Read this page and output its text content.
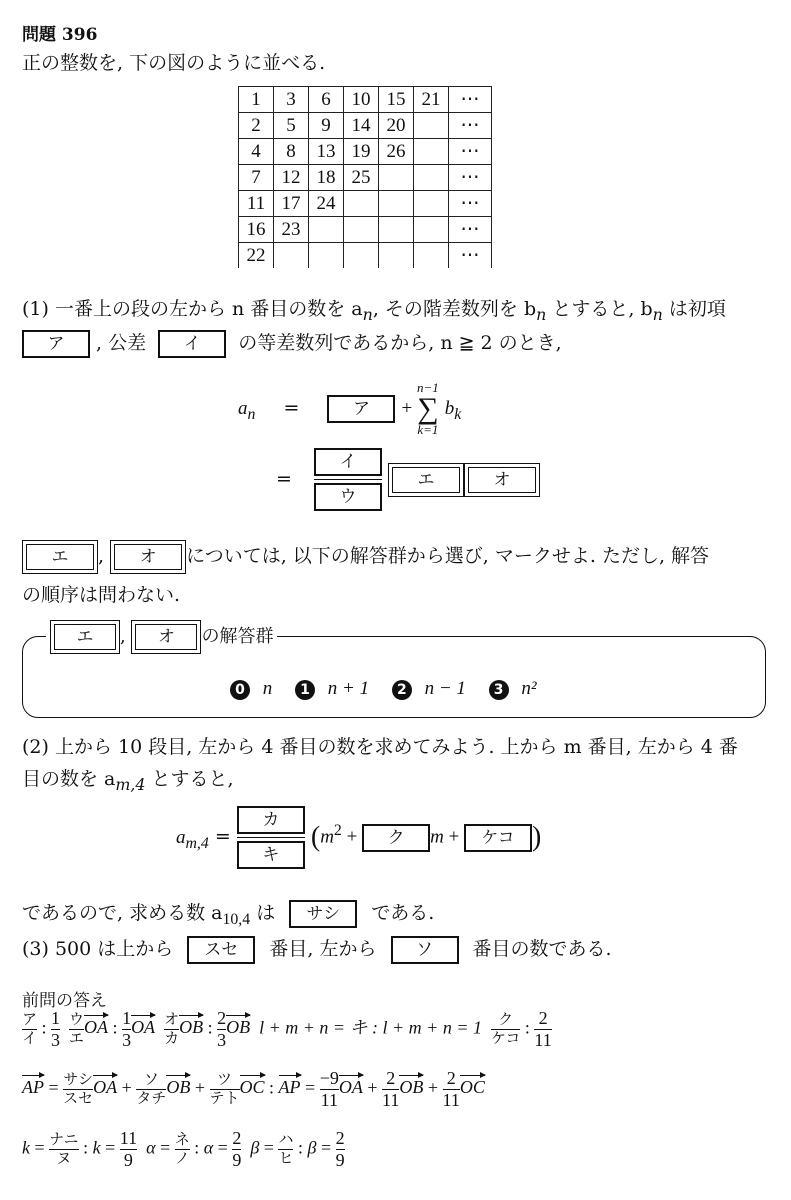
問題 396
正の整数を, 下の図のように並べる.
1	3	6	10	15	21	⋯
2	5	9	14	20		⋯
4	8	13	19	26		⋯
7	12	18	25			⋯
11	17	24				⋯
16	23					⋯
22						⋯
(1) 一番上の段の左から n 番目の数を $a_n$, その階差数列を $b_n$ とすると, $b_n$ は初項
ア , 公差 イ の等差数列であるから, n ≧ 2 のとき,
$a_n$ =	ア +
n−1
∑
k=1
$b_k$
= $\frac{\text{イ}}{\text{ウ}}$ エ	オ
エ , オ については, 以下の解答群から選び, マークせよ. ただし, 解答
の順序は問わない.
エ , オ の解答群
0 n 1 n + 1 2 n − 1 3 n²
(2) 上から 10 段目, 左から 4 番目の数を求めてみよう. 上から m 番目, 左から 4 番
目の数を $a_{m,4}$ とすると,
$a_{m,4} = \frac{\text{カ}}{\text{キ}} (m^2$ + ク m + ケコ )
であるので, 求める数 $a_{10,4}$ は サシ である.
(3) 500 は上から スセ 番目, 左から ソ 番目の数である.
前問の答え
$\frac{\text{ア}}{\text{イ}}$ : $\frac{1}{3}$
$\frac{\text{ウ}}{\text{エ}}$ OA : $\frac{1}{3}$ OA $\frac{\text{オ}}{\text{カ}}$ OB : $\frac{2}{3}$ OB l + m + n = キ : $l + m + n = 1 \frac{\text{ク}}{\text{ケコ}}$ : $\frac{2}{11}$
AP = $\frac{\text{サシ}}{\text{スセ}}$ OA + $\frac{\text{ソ}}{\text{タチ}}$ OB + $\frac{\text{ツ}}{\text{テト}}$ OC : AP = $\frac{-9}{11}$ OA + $\frac{2}{11}$ OB + $\frac{2}{11}$ OC
$k = \frac{\text{ナニ}}{\text{ヌ}}$ : $k = \frac{11}{9}$ $\alpha = \frac{\text{ネ}}{\text{ノ}}$ : $\alpha = \frac{2}{9}$ $\beta = \frac{\text{ハ}}{\text{ヒ}}$ : $\beta = \frac{2}{9}$
